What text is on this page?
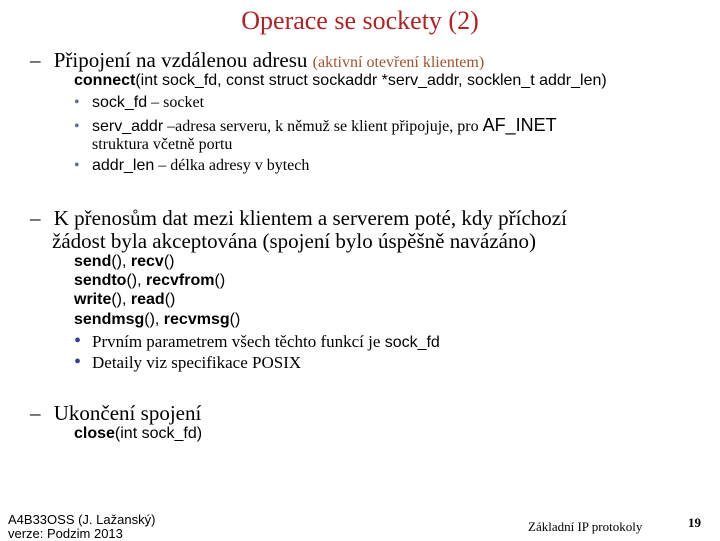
Operace se sockety (2)
– Připojení na vzdálenou adresu (aktivní otevření klientem)
connect(int sock_fd, const struct sockaddr *serv_addr, socklen_t addr_len)
• sock_fd – socket
• serv_addr –adresa serveru, k němuž se klient připojuje, pro AF_INET
struktura včetně portu
• addr_len – délka adresy v bytech
– K přenosům dat mezi klientem a serverem poté, kdy příchozí
žádost byla akceptována (spojení bylo úspěšně navázáno)
send(), recv()
sendto(), recvfrom()
write(), read()
sendmsg(), recvmsg()
• Prvním parametrem všech těchto funkcí je sock_fd
• Detaily viz specifikace POSIX
– Ukončení spojení
close(int sock_fd)
A4B33OSS (J. Lažanský)
verze: Podzim 2013	Základní IP protokoly	19
